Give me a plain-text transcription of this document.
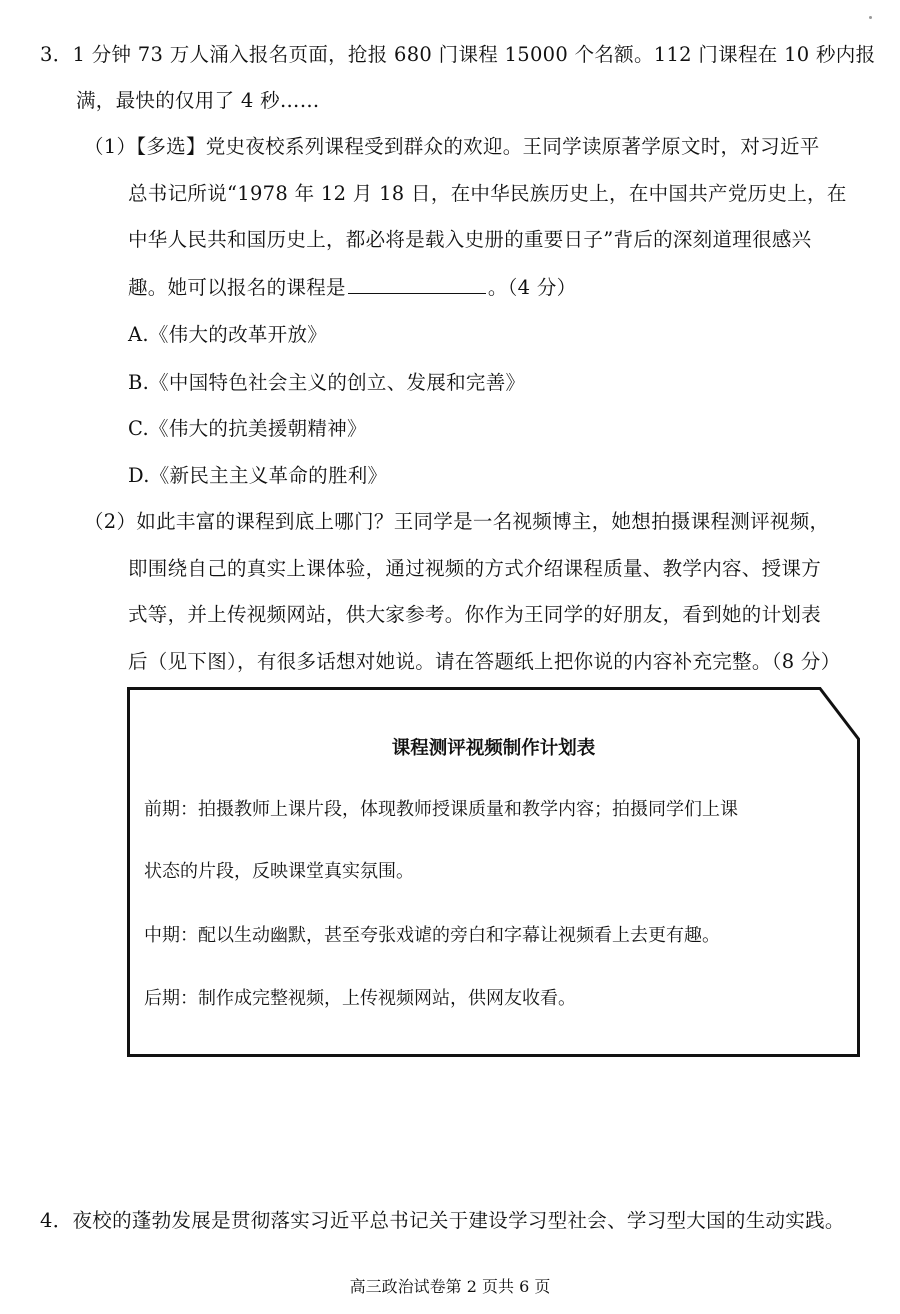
3．1 分钟 73 万人涌入报名页面，抢报 680 门课程 15000 个名额。112 门课程在 10 秒内报
满，最快的仅用了 4 秒……
（1）【多选】党史夜校系列课程受到群众的欢迎。王同学读原著学原文时，对习近平
总书记所说“1978 年 12 月 18 日，在中华民族历史上，在中国共产党历史上，在
中华人民共和国历史上，都必将是载入史册的重要日子”背后的深刻道理很感兴
趣。她可以报名的课程是	。（4 分）
A.《伟大的改革开放》
B.《中国特色社会主义的创立、发展和完善》
C.《伟大的抗美援朝精神》
D.《新民主主义革命的胜利》
（2）如此丰富的课程到底上哪门？王同学是一名视频博主，她想拍摄课程测评视频，
即围绕自己的真实上课体验，通过视频的方式介绍课程质量、教学内容、授课方
式等，并上传视频网站，供大家参考。你作为王同学的好朋友，看到她的计划表
后（见下图），有很多话想对她说。请在答题纸上把你说的内容补充完整。（8 分）
课程测评视频制作计划表
前期：拍摄教师上课片段，体现教师授课质量和教学内容；拍摄同学们上课
状态的片段，反映课堂真实氛围。
中期：配以生动幽默，甚至夸张戏谑的旁白和字幕让视频看上去更有趣。
后期：制作成完整视频，上传视频网站，供网友收看。
4．夜校的蓬勃发展是贯彻落实习近平总书记关于建设学习型社会、学习型大国的生动实践。
高三政治试卷第 2 页共 6 页
